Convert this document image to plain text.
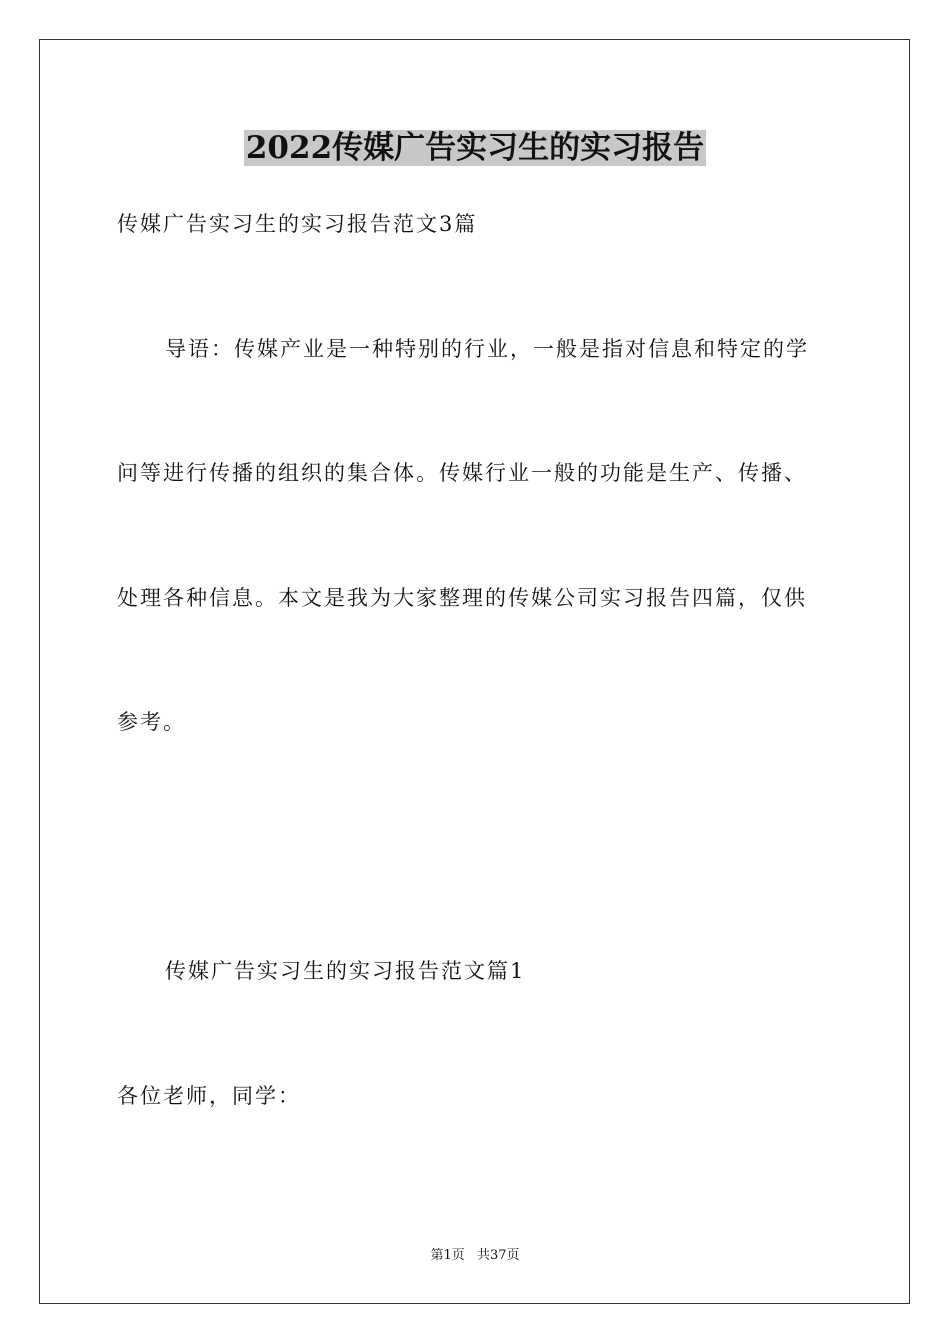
2022传媒广告实习生的实习报告
传媒广告实习生的实习报告范文3篇
导语：传媒产业是一种特别的行业，一般是指对信息和特定的学
问等进行传播的组织的集合体。传媒行业一般的功能是生产、传播、
处理各种信息。本文是我为大家整理的传媒公司实习报告四篇，仅供
参考。
传媒广告实习生的实习报告范文篇1
各位老师，同学：
第1页 共37页
